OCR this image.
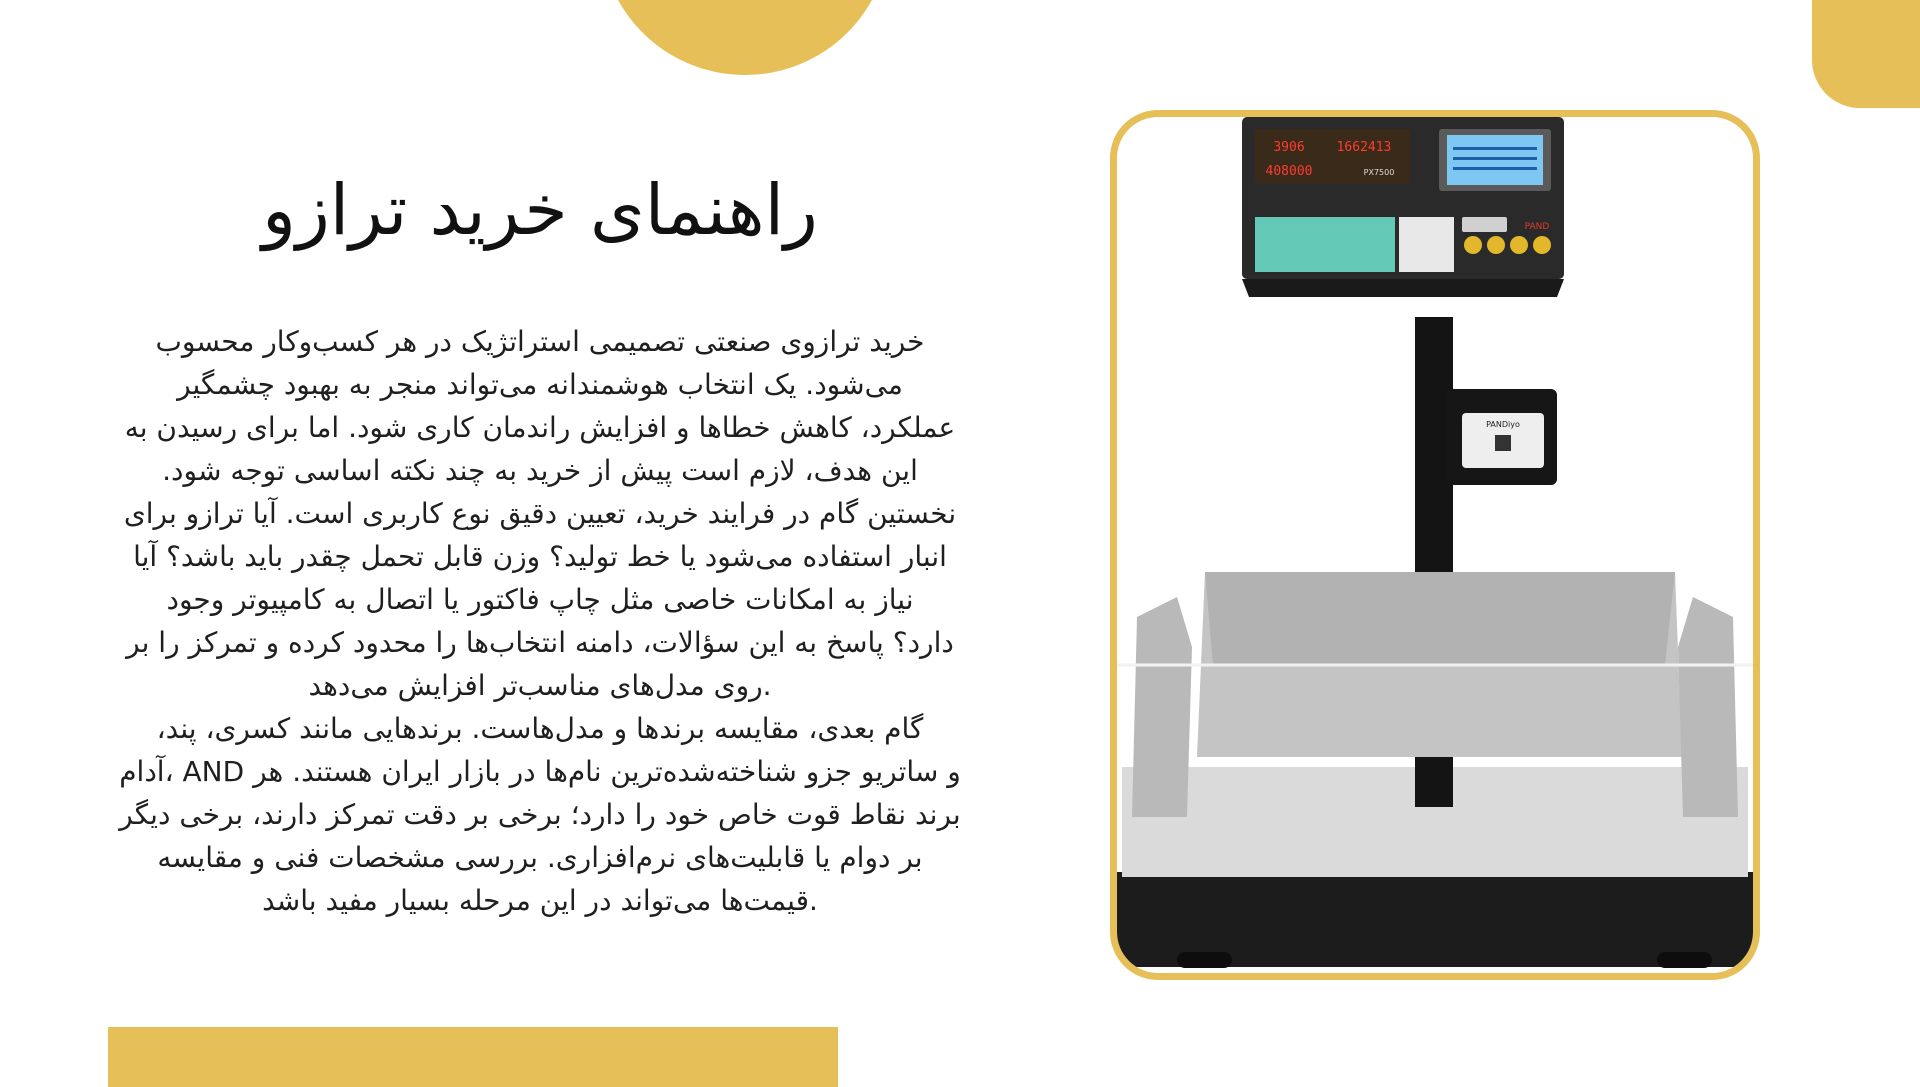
راهنمای خرید ترازو
خرید ترازوی صنعتی تصمیمی استراتژیک در هر کسب‌وکار محسوب
می‌شود. یک انتخاب هوشمندانه می‌تواند منجر به بهبود چشمگیر
عملکرد، کاهش خطاها و افزایش راندمان کاری شود. اما برای رسیدن به
این هدف، لازم است پیش از خرید به چند نکته اساسی توجه شود.
نخستین گام در فرایند خرید، تعیین دقیق نوع کاربری است. آیا ترازو برای
انبار استفاده می‌شود یا خط تولید؟ وزن قابل تحمل چقدر باید باشد؟ آیا
نیاز به امکانات خاصی مثل چاپ فاکتور یا اتصال به کامپیوتر وجود
دارد؟ پاسخ به این سؤالات، دامنه انتخاب‌ها را محدود کرده و تمرکز را بر
.روی مدل‌های مناسب‌تر افزایش می‌دهد
گام بعدی، مقایسه برندها و مدل‌هاست. برندهایی مانند کسری، پند،
و ساتریو جزو شناخته‌شده‌ترین نام‌ها در بازار ایران هستند. هر AND ،آدام
برند نقاط قوت خاص خود را دارد؛ برخی بر دقت تمرکز دارند، برخی دیگر
بر دوام یا قابلیت‌های نرم‌افزاری. بررسی مشخصات فنی و مقایسه
.قیمت‌ها می‌تواند در این مرحله بسیار مفید باشد
PANDiyo
3906 1662413
408000	PX7500
PAND
